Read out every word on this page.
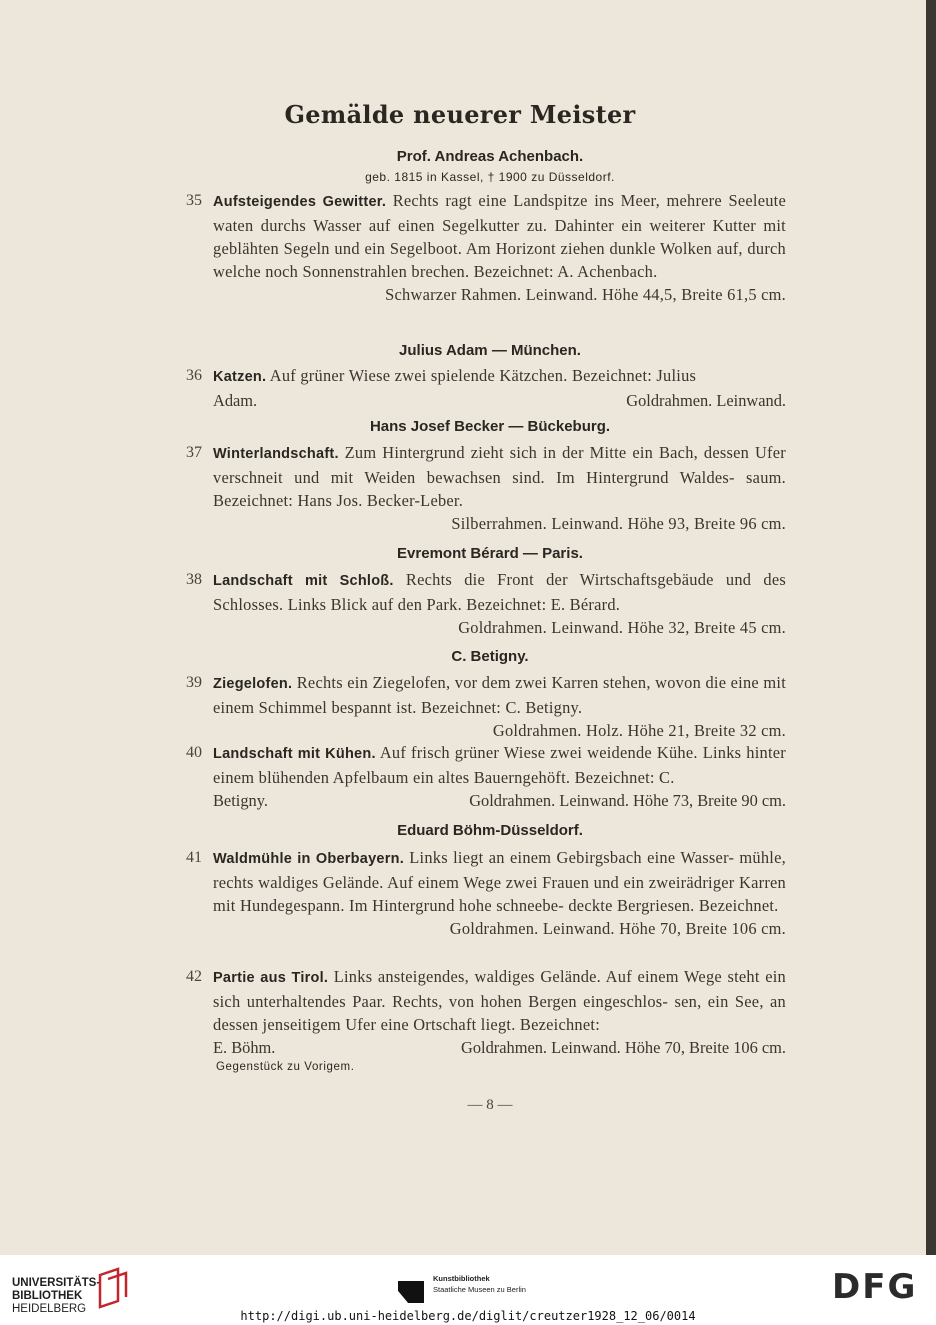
Gemälde neuerer Meister
Prof. Andreas Achenbach.
geb. 1815 in Kassel, † 1900 zu Düsseldorf.
35 Aufsteigendes Gewitter. Rechts ragt eine Landspitze ins Meer, mehrere Seeleute waten durchs Wasser auf einen Segelkutter zu. Dahinter ein weiterer Kutter mit geblähten Segeln und ein Segelboot. Am Horizont ziehen dunkle Wolken auf, durch welche noch Sonnenstrahlen brechen. Bezeichnet: A. Achenbach.
Schwarzer Rahmen. Leinwand. Höhe 44,5, Breite 61,5 cm.
Julius Adam — München.
36 Katzen. Auf grüner Wiese zwei spielende Kätzchen. Bezeichnet: Julius
Adam.	Goldrahmen. Leinwand.
Hans Josef Becker — Bückeburg.
37 Winterlandschaft. Zum Hintergrund zieht sich in der Mitte ein Bach, dessen Ufer verschneit und mit Weiden bewachsen sind. Im Hintergrund Waldes- saum. Bezeichnet: Hans Jos. Becker-Leber.
Silberrahmen. Leinwand. Höhe 93, Breite 96 cm.
Evremont Bérard — Paris.
38 Landschaft mit Schloß. Rechts die Front der Wirtschaftsgebäude und des Schlosses. Links Blick auf den Park. Bezeichnet: E. Bérard.
Goldrahmen. Leinwand. Höhe 32, Breite 45 cm.
C. Betigny.
39 Ziegelofen. Rechts ein Ziegelofen, vor dem zwei Karren stehen, wovon die eine mit einem Schimmel bespannt ist. Bezeichnet: C. Betigny.
Goldrahmen. Holz. Höhe 21, Breite 32 cm.
40 Landschaft mit Kühen. Auf frisch grüner Wiese zwei weidende Kühe. Links hinter einem blühenden Apfelbaum ein altes Bauerngehöft. Bezeichnet: C.
Betigny.	Goldrahmen. Leinwand. Höhe 73, Breite 90 cm.
Eduard Böhm-Düsseldorf.
41 Waldmühle in Oberbayern. Links liegt an einem Gebirgsbach eine Wasser- mühle, rechts waldiges Gelände. Auf einem Wege zwei Frauen und ein zweirädriger Karren mit Hundegespann. Im Hintergrund hohe schneebe- deckte Bergriesen. Bezeichnet.
Goldrahmen. Leinwand. Höhe 70, Breite 106 cm.
42 Partie aus Tirol. Links ansteigendes, waldiges Gelände. Auf einem Wege steht ein sich unterhaltendes Paar. Rechts, von hohen Bergen eingeschlos- sen, ein See, an dessen jenseitigem Ufer eine Ortschaft liegt. Bezeichnet:
E. Böhm.	Goldrahmen. Leinwand. Höhe 70, Breite 106 cm.
Gegenstück zu Vorigem.
— 8 —
UNIVERSITÄTS-
BIBLIOTHEK
HEIDELBERG
Kunstbibliothek
Staatliche Museen zu Berlin	DFG
http://digi.ub.uni-heidelberg.de/diglit/creutzer1928_12_06/0014
